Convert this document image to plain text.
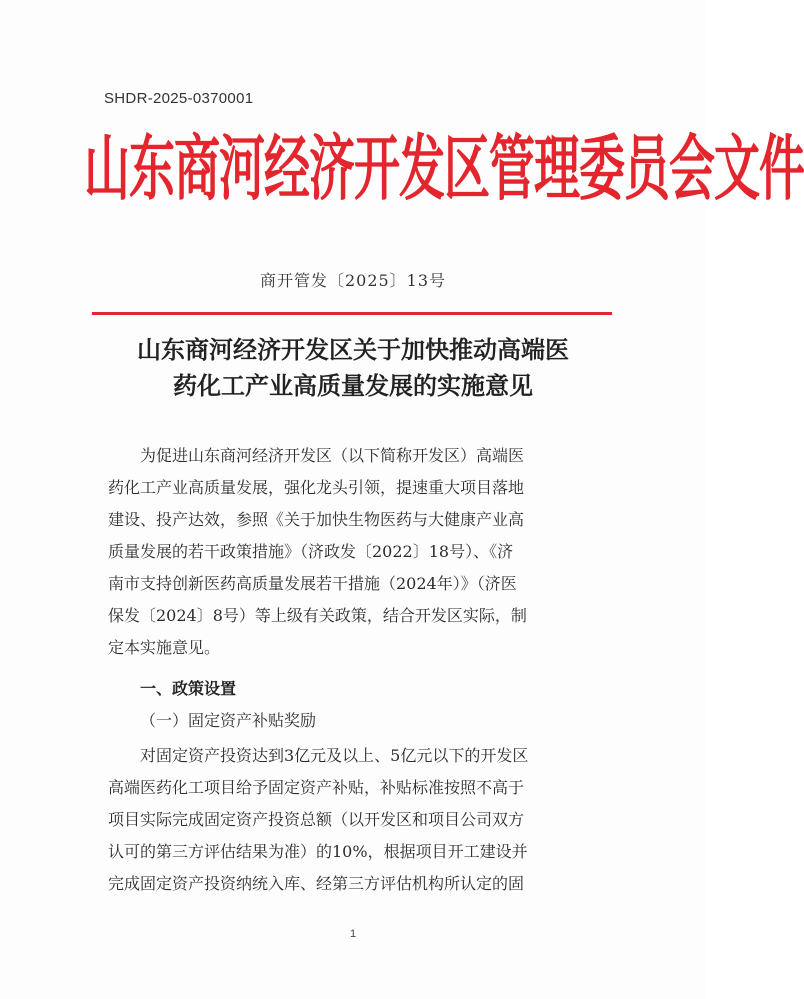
SHDR-2025-0370001
山东商河经济开发区管理委员会文件
商开管发〔2025〕13号
山东商河经济开发区关于加快推动高端医
药化工产业高质量发展的实施意见
为促进山东商河经济开发区（以下简称开发区）高端医
药化工产业高质量发展，强化龙头引领，提速重大项目落地
建设、投产达效，参照《关于加快生物医药与大健康产业高
质量发展的若干政策措施》（济政发〔2022〕18号）、《济
南市支持创新医药高质量发展若干措施（2024年）》（济医
保发〔2024〕8号）等上级有关政策，结合开发区实际，制
定本实施意见。
一、政策设置
（一）固定资产补贴奖励
对固定资产投资达到3亿元及以上、5亿元以下的开发区
高端医药化工项目给予固定资产补贴，补贴标准按照不高于
项目实际完成固定资产投资总额（以开发区和项目公司双方
认可的第三方评估结果为准）的10%，根据项目开工建设并
完成固定资产投资纳统入库、经第三方评估机构所认定的固
1
